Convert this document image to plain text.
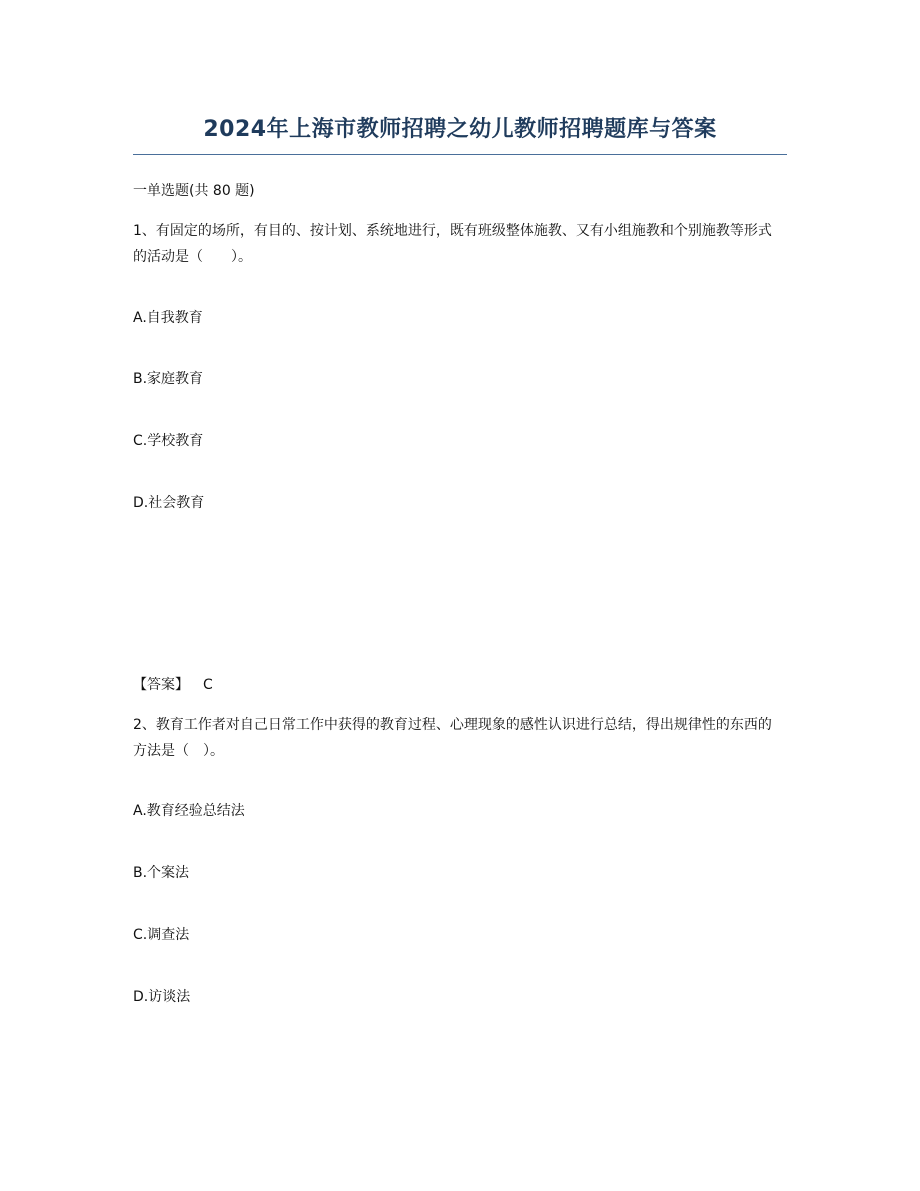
2024年上海市教师招聘之幼儿教师招聘题库与答案
一单选题(共 80 题)
1、有固定的场所，有目的、按计划、系统地进行，既有班级整体施教、又有小组施教和个别施教等形式的活动是（　　）。
A.自我教育
B.家庭教育
C.学校教育
D.社会教育
【答案】 C
2、教育工作者对自己日常工作中获得的教育过程、心理现象的感性认识进行总结，得出规律性的东西的方法是（　）。
A.教育经验总结法
B.个案法
C.调查法
D.访谈法
